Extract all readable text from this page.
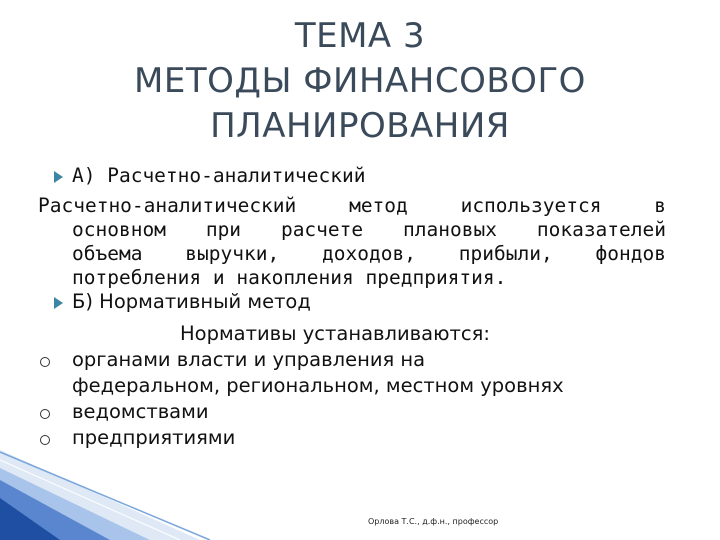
ТЕМА 3
МЕТОДЫ ФИНАНСОВОГО
ПЛАНИРОВАНИЯ
А) Расчетно-аналитический
Расчетно-аналитический метод используется в
основном при расчете плановых показателей
объема выручки, доходов, прибыли, фондов
потребления и накопления предприятия.
Б) Нормативный метод
Нормативы устанавливаются:
органами власти и управления на
федеральном, региональном, местном уровнях
ведомствами
предприятиями
Орлова Т.С., д.ф.н., профессор
